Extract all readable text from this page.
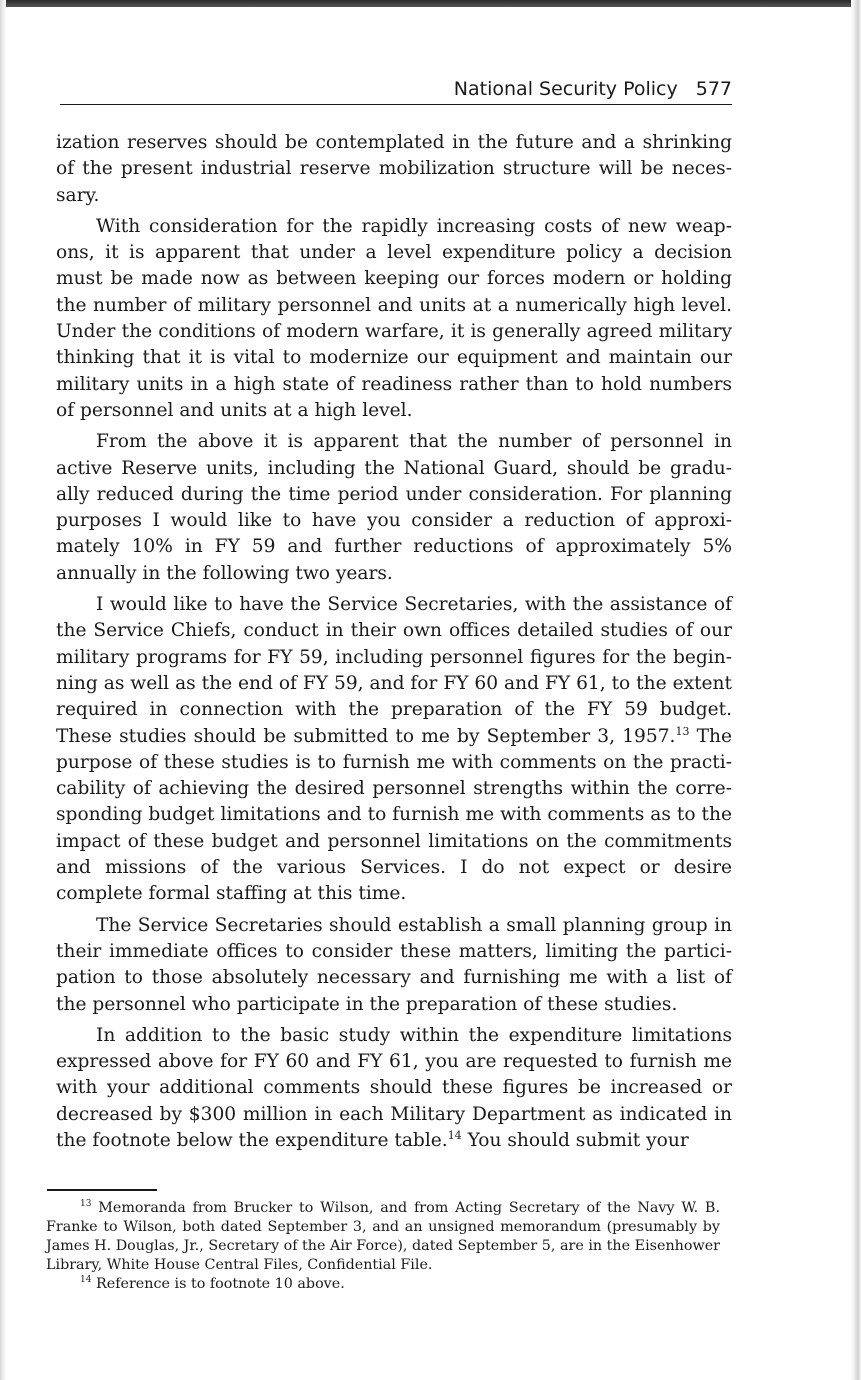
National Security Policy 577

ization reserves should be contemplated in the future and a shrinking of the present industrial reserve mobilization structure will be necessary.

With consideration for the rapidly increasing costs of new weapons, it is apparent that under a level expenditure policy a decision must be made now as between keeping our forces modern or holding the number of military personnel and units at a numerically high level. Under the conditions of modern warfare, it is generally agreed military thinking that it is vital to modernize our equipment and maintain our military units in a high state of readiness rather than to hold numbers of personnel and units at a high level.

From the above it is apparent that the number of personnel in active Reserve units, including the National Guard, should be gradually reduced during the time period under consideration. For planning purposes I would like to have you consider a reduction of approximately 10% in FY 59 and further reductions of approximately 5% annually in the following two years.

I would like to have the Service Secretaries, with the assistance of the Service Chiefs, conduct in their own offices detailed studies of our military programs for FY 59, including personnel figures for the beginning as well as the end of FY 59, and for FY 60 and FY 61, to the extent required in connection with the preparation of the FY 59 budget. These studies should be submitted to me by September 3, 1957.13 The purpose of these studies is to furnish me with comments on the practicability of achieving the desired personnel strengths within the corresponding budget limitations and to furnish me with comments as to the impact of these budget and personnel limitations on the commitments and missions of the various Services. I do not expect or desire complete formal staffing at this time.

The Service Secretaries should establish a small planning group in their immediate offices to consider these matters, limiting the participation to those absolutely necessary and furnishing me with a list of the personnel who participate in the preparation of these studies.

In addition to the basic study within the expenditure limitations expressed above for FY 60 and FY 61, you are requested to furnish me with your additional comments should these figures be increased or decreased by $300 million in each Military Department as indicated in the footnote below the expenditure table.$^{14}$ You should submit your

$^{13}$ Memoranda from Brucker to Wilson, and from Acting Secretary of the Navy W. B. Franke to Wilson, both dated September 3, and an unsigned memorandum (presumably by James H. Douglas, Jr., Secretary of the Air Force), dated September 5, are in the Eisenhower Library, White House Central Files, Confidential File.

$^{14}$ Reference is to footnote 10 above.
